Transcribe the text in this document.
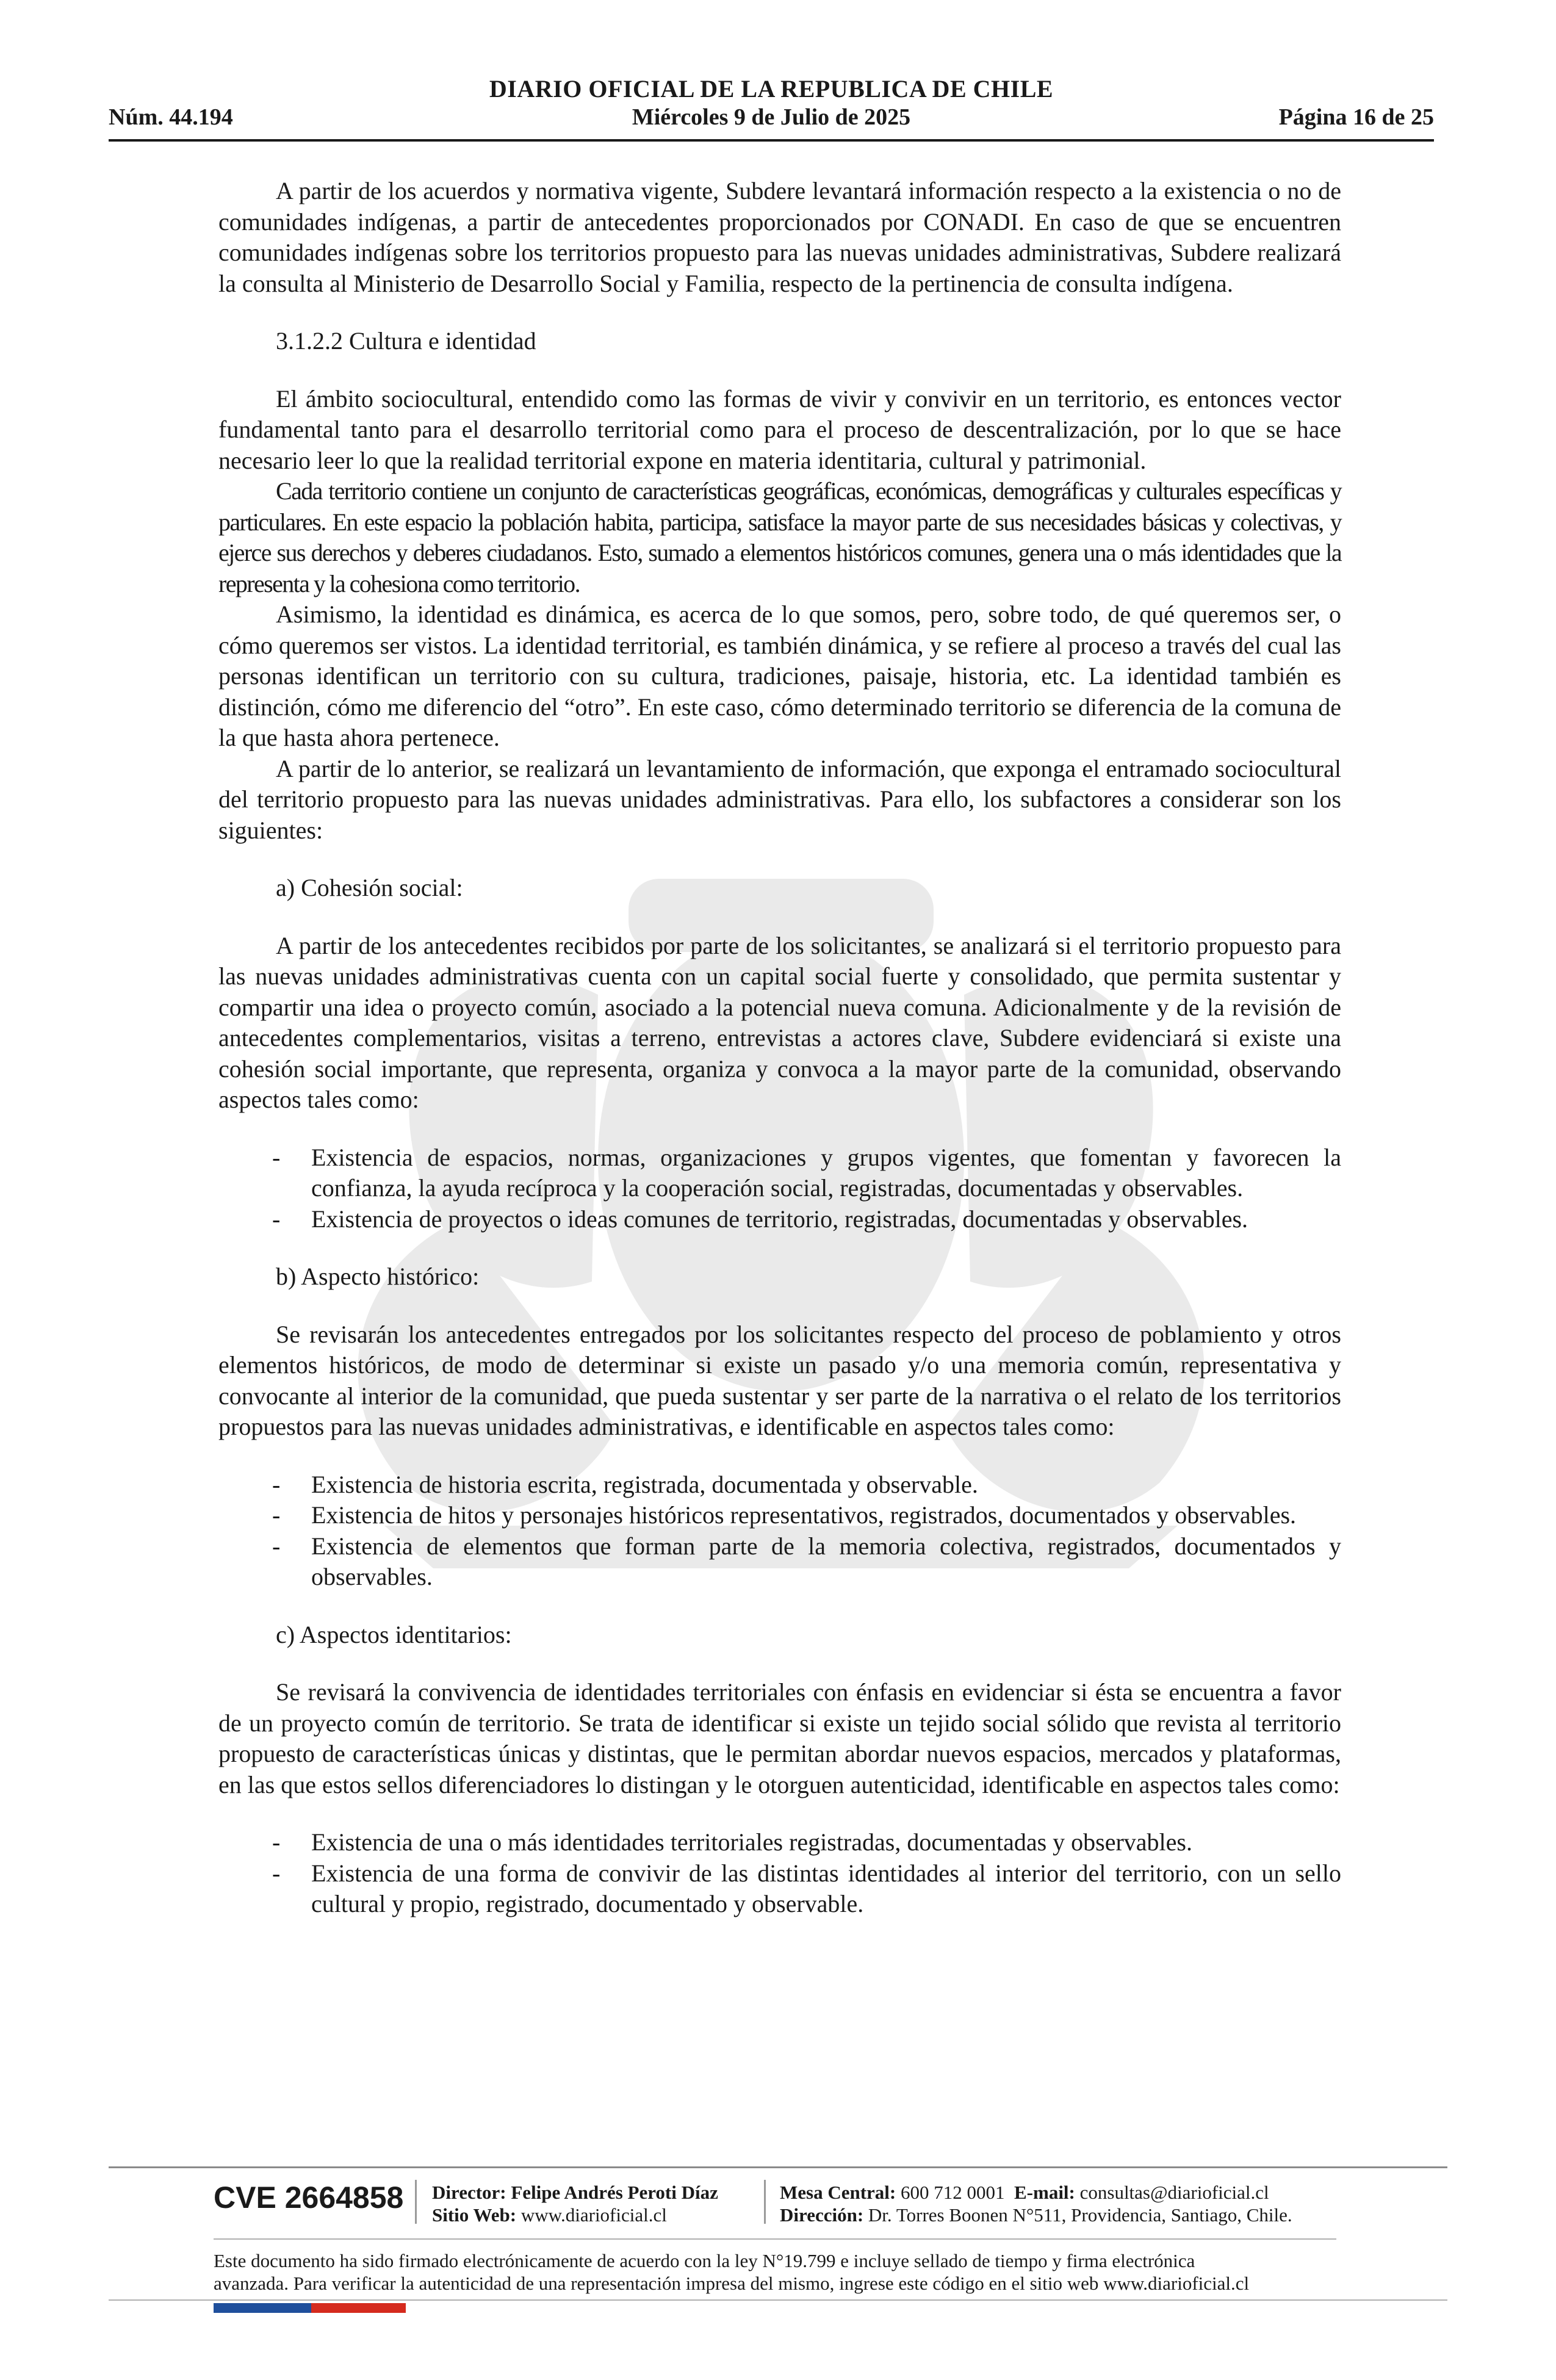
DIARIO OFICIAL DE LA REPUBLICA DE CHILE
Núm. 44.194	Miércoles 9 de Julio de 2025	Página 16 de 25

A partir de los acuerdos y normativa vigente, Subdere levantará información respecto a la existencia o no de comunidades indígenas, a partir de antecedentes proporcionados por CONADI. En caso de que se encuentren comunidades indígenas sobre los territorios propuesto para las nuevas unidades administrativas, Subdere realizará la consulta al Ministerio de Desarrollo Social y Familia, respecto de la pertinencia de consulta indígena.

3.1.2.2 Cultura e identidad

El ámbito sociocultural, entendido como las formas de vivir y convivir en un territorio, es entonces vector fundamental tanto para el desarrollo territorial como para el proceso de descentralización, por lo que se hace necesario leer lo que la realidad territorial expone en materia identitaria, cultural y patrimonial.

Cada territorio contiene un conjunto de características geográficas, económicas, demográficas y culturales específicas y particulares. En este espacio la población habita, participa, satisface la mayor parte de sus necesidades básicas y colectivas, y ejerce sus derechos y deberes ciudadanos. Esto, sumado a elementos históricos comunes, genera una o más identidades que la representa y la cohesiona como territorio.

Asimismo, la identidad es dinámica, es acerca de lo que somos, pero, sobre todo, de qué queremos ser, o cómo queremos ser vistos. La identidad territorial, es también dinámica, y se refiere al proceso a través del cual las personas identifican un territorio con su cultura, tradiciones, paisaje, historia, etc. La identidad también es distinción, cómo me diferencio del “otro”. En este caso, cómo determinado territorio se diferencia de la comuna de la que hasta ahora pertenece.

A partir de lo anterior, se realizará un levantamiento de información, que exponga el entramado sociocultural del territorio propuesto para las nuevas unidades administrativas. Para ello, los subfactores a considerar son los siguientes:

a) Cohesión social:

A partir de los antecedentes recibidos por parte de los solicitantes, se analizará si el territorio propuesto para las nuevas unidades administrativas cuenta con un capital social fuerte y consolidado, que permita sustentar y compartir una idea o proyecto común, asociado a la potencial nueva comuna. Adicionalmente y de la revisión de antecedentes complementarios, visitas a terreno, entrevistas a actores clave, Subdere evidenciará si existe una cohesión social importante, que representa, organiza y convoca a la mayor parte de la comunidad, observando aspectos tales como:

- Existencia de espacios, normas, organizaciones y grupos vigentes, que fomentan y favorecen la confianza, la ayuda recíproca y la cooperación social, registradas, documentadas y observables.
- Existencia de proyectos o ideas comunes de territorio, registradas, documentadas y observables.

b) Aspecto histórico:

Se revisarán los antecedentes entregados por los solicitantes respecto del proceso de poblamiento y otros elementos históricos, de modo de determinar si existe un pasado y/o una memoria común, representativa y convocante al interior de la comunidad, que pueda sustentar y ser parte de la narrativa o el relato de los territorios propuestos para las nuevas unidades administrativas, e identificable en aspectos tales como:

- Existencia de historia escrita, registrada, documentada y observable.
- Existencia de hitos y personajes históricos representativos, registrados, documentados y observables.
- Existencia de elementos que forman parte de la memoria colectiva, registrados, documentados y observables.

c) Aspectos identitarios:

Se revisará la convivencia de identidades territoriales con énfasis en evidenciar si ésta se encuentra a favor de un proyecto común de territorio. Se trata de identificar si existe un tejido social sólido que revista al territorio propuesto de características únicas y distintas, que le permitan abordar nuevos espacios, mercados y plataformas, en las que estos sellos diferenciadores lo distingan y le otorguen autenticidad, identificable en aspectos tales como:

- Existencia de una o más identidades territoriales registradas, documentadas y observables.
- Existencia de una forma de convivir de las distintas identidades al interior del territorio, con un sello cultural y propio, registrado, documentado y observable.
CVE 2664858 Director: Felipe Andrés Peroti Díaz
Sitio Web: www.diarioficial.cl
Mesa Central: 600 712 0001 E-mail: consultas@diarioficial.cl
Dirección: Dr. Torres Boonen N°511, Providencia, Santiago, Chile.
Este documento ha sido firmado electrónicamente de acuerdo con la ley N°19.799 e incluye sellado de tiempo y firma electrónica
avanzada. Para verificar la autenticidad de una representación impresa del mismo, ingrese este código en el sitio web www.diarioficial.cl
